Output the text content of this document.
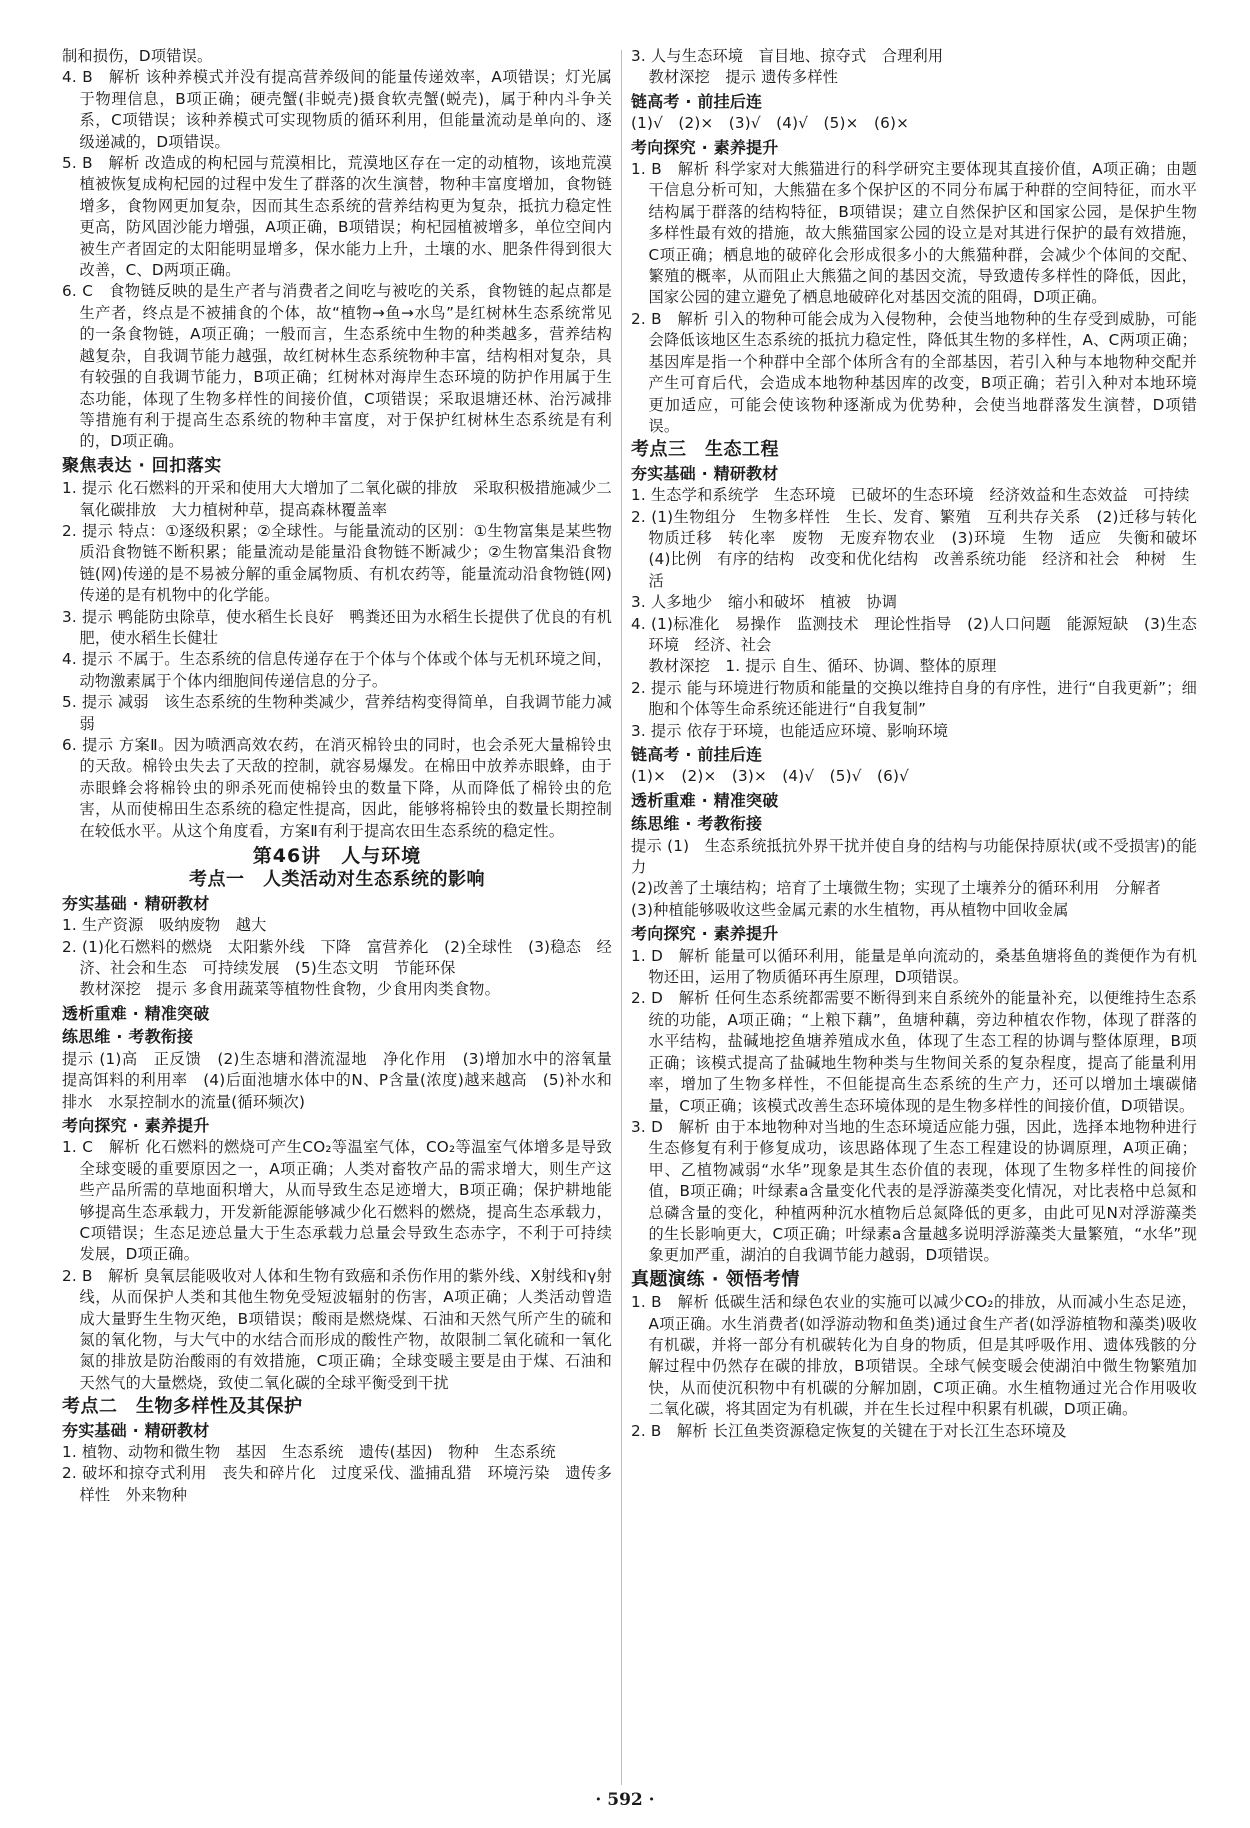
制和损伤，D项错误。

4. B　解析 该种养模式并没有提高营养级间的能量传递效率，A项错误；灯光属于物理信息，B项正确；硬壳蟹(非蜕壳)摄食软壳蟹(蜕壳)，属于种内斗争关系，C项错误；该种养模式可实现物质的循环利用，但能量流动是单向的、逐级递减的，D项错误。

5. B　解析 改造成的枸杞园与荒漠相比，荒漠地区存在一定的动植物，该地荒漠植被恢复成枸杞园的过程中发生了群落的次生演替，物种丰富度增加，食物链增多，食物网更加复杂，因而其生态系统的营养结构更为复杂，抵抗力稳定性更高，防风固沙能力增强，A项正确，B项错误；枸杞园植被增多，单位空间内被生产者固定的太阳能明显增多，保水能力上升，土壤的水、肥条件得到很大改善，C、D两项正确。

6. C　食物链反映的是生产者与消费者之间吃与被吃的关系，食物链的起点都是生产者，终点是不被捕食的个体，故“植物→鱼→水鸟”是红树林生态系统常见的一条食物链，A项正确；一般而言，生态系统中生物的种类越多，营养结构越复杂，自我调节能力越强，故红树林生态系统物种丰富，结构相对复杂，具有较强的自我调节能力，B项正确；红树林对海岸生态环境的防护作用属于生态功能，体现了生物多样性的间接价值，C项错误；采取退塘还林、治污减排等措施有利于提高生态系统的物种丰富度，对于保护红树林生态系统是有利的，D项正确。

聚焦表达 · 回扣落实

1. 提示 化石燃料的开采和使用大大增加了二氧化碳的排放　采取积极措施减少二氧化碳排放　大力植树种草，提高森林覆盖率

2. 提示 特点：①逐级积累；②全球性。与能量流动的区别：①生物富集是某些物质沿食物链不断积累；能量流动是能量沿食物链不断减少；②生物富集沿食物链(网)传递的是不易被分解的重金属物质、有机农药等，能量流动沿食物链(网)传递的是有机物中的化学能。

3. 提示 鸭能防虫除草，使水稻生长良好　鸭粪还田为水稻生长提供了优良的有机肥，使水稻生长健壮

4. 提示 不属于。生态系统的信息传递存在于个体与个体或个体与无机环境之间，动物激素属于个体内细胞间传递信息的分子。

5. 提示 减弱　该生态系统的生物种类减少，营养结构变得简单，自我调节能力减弱

6. 提示 方案Ⅱ。因为喷洒高效农药，在消灭棉铃虫的同时，也会杀死大量棉铃虫的天敌。棉铃虫失去了天敌的控制，就容易爆发。在棉田中放养赤眼蜂，由于赤眼蜂会将棉铃虫的卵杀死而使棉铃虫的数量下降，从而降低了棉铃虫的危害，从而使棉田生态系统的稳定性提高，因此，能够将棉铃虫的数量长期控制在较低水平。从这个角度看，方案Ⅱ有利于提高农田生态系统的稳定性。

第46讲　人与环境
考点一　人类活动对生态系统的影响
夯实基础 · 精研教材

1. 生产资源　吸纳废物　越大

2. (1)化石燃料的燃烧　太阳紫外线　下降　富营养化　(2)全球性　(3)稳态　经济、社会和生态　可持续发展　(5)生态文明　节能环保

教材深挖　提示 多食用蔬菜等植物性食物，少食用肉类食物。

透析重难 · 精准突破
练思维 · 考教衔接

提示 (1)高　正反馈　(2)生态塘和潜流湿地　净化作用　(3)增加水中的溶氧量　提高饵料的利用率　(4)后面池塘水体中的N、P含量(浓度)越来越高　(5)补水和排水　水泵控制水的流量(循环频次)

考向探究 · 素养提升

1. C　解析 化石燃料的燃烧可产生CO₂等温室气体，CO₂等温室气体增多是导致全球变暖的重要原因之一，A项正确；人类对畜牧产品的需求增大，则生产这些产品所需的草地面积增大，从而导致生态足迹增大，B项正确；保护耕地能够提高生态承载力，开发新能源能够减少化石燃料的燃烧，提高生态承载力，C项错误；生态足迹总量大于生态承载力总量会导致生态赤字，不利于可持续发展，D项正确。

2. B　解析 臭氧层能吸收对人体和生物有致癌和杀伤作用的紫外线、X射线和γ射线，从而保护人类和其他生物免受短波辐射的伤害，A项正确；人类活动曾造成大量野生生物灭绝，B项错误；酸雨是燃烧煤、石油和天然气所产生的硫和氮的氧化物，与大气中的水结合而形成的酸性产物，故限制二氧化硫和一氧化氮的排放是防治酸雨的有效措施，C项正确；全球变暖主要是由于煤、石油和天然气的大量燃烧，致使二氧化碳的全球平衡受到干扰

考点二　生物多样性及其保护
夯实基础 · 精研教材

1. 植物、动物和微生物　基因　生态系统　遗传(基因)　物种　生态系统

2. 破坏和掠夺式利用　丧失和碎片化　过度采伐、滥捕乱猎　环境污染　遗传多样性　外来物种

3. 人与生态环境　盲目地、掠夺式　合理利用

教材深挖　提示 遗传多样性

链高考 · 前挂后连

(1)√　(2)×　(3)√　(4)√　(5)×　(6)×

考向探究 · 素养提升

1. B　解析 科学家对大熊猫进行的科学研究主要体现其直接价值，A项正确；由题干信息分析可知，大熊猫在多个保护区的不同分布属于种群的空间特征，而水平结构属于群落的结构特征，B项错误；建立自然保护区和国家公园，是保护生物多样性最有效的措施，故大熊猫国家公园的设立是对其进行保护的最有效措施，C项正确；栖息地的破碎化会形成很多小的大熊猫种群，会减少个体间的交配、繁殖的概率，从而阻止大熊猫之间的基因交流，导致遗传多样性的降低，因此，国家公园的建立避免了栖息地破碎化对基因交流的阻碍，D项正确。

2. B　解析 引入的物种可能会成为入侵物种，会使当地物种的生存受到威胁，可能会降低该地区生态系统的抵抗力稳定性，降低其生物的多样性，A、C两项正确；基因库是指一个种群中全部个体所含有的全部基因，若引入种与本地物种交配并产生可育后代，会造成本地物种基因库的改变，B项正确；若引入种对本地环境更加适应，可能会使该物种逐渐成为优势种，会使当地群落发生演替，D项错误。

考点三　生态工程
夯实基础 · 精研教材

1. 生态学和系统学　生态环境　已破坏的生态环境　经济效益和生态效益　可持续

2. (1)生物组分　生物多样性　生长、发育、繁殖　互利共存关系　(2)迁移与转化　物质迁移　转化率　废物　无废弃物农业　(3)环境　生物　适应　失衡和破坏　(4)比例　有序的结构　改变和优化结构　改善系统功能　经济和社会　种树　生活

3. 人多地少　缩小和破坏　植被　协调

4. (1)标准化　易操作　监测技术　理论性指导　(2)人口问题　能源短缺　(3)生态环境　经济、社会

教材深挖　1. 提示 自生、循环、协调、整体的原理

2. 提示 能与环境进行物质和能量的交换以维持自身的有序性，进行“自我更新”；细胞和个体等生命系统还能进行“自我复制”

3. 提示 依存于环境，也能适应环境、影响环境

链高考 · 前挂后连

(1)×　(2)×　(3)×　(4)√　(5)√　(6)√

透析重难 · 精准突破
练思维 · 考教衔接

提示 (1)　生态系统抵抗外界干扰并使自身的结构与功能保持原状(或不受损害)的能力

(2)改善了土壤结构；培育了土壤微生物；实现了土壤养分的循环利用　分解者

(3)种植能够吸收这些金属元素的水生植物，再从植物中回收金属

考向探究 · 素养提升

1. D　解析 能量可以循环利用，能量是单向流动的，桑基鱼塘将鱼的粪便作为有机物还田，运用了物质循环再生原理，D项错误。

2. D　解析 任何生态系统都需要不断得到来自系统外的能量补充，以便维持生态系统的功能，A项正确；“上粮下藕”，鱼塘种藕，旁边种植农作物，体现了群落的水平结构，盐碱地挖鱼塘养殖成水鱼，体现了生态工程的协调与整体原理，B项正确；该模式提高了盐碱地生物种类与生物间关系的复杂程度，提高了能量利用率，增加了生物多样性，不但能提高生态系统的生产力，还可以增加土壤碳储量，C项正确；该模式改善生态环境体现的是生物多样性的间接价值，D项错误。

3. D　解析 由于本地物种对当地的生态环境适应能力强，因此，选择本地物种进行生态修复有利于修复成功，该思路体现了生态工程建设的协调原理，A项正确；甲、乙植物减弱“水华”现象是其生态价值的表现，体现了生物多样性的间接价值，B项正确；叶绿素a含量变化代表的是浮游藻类变化情况，对比表格中总氮和总磷含量的变化，种植两种沉水植物后总氮降低的更多，由此可见N对浮游藻类的生长影响更大，C项正确；叶绿素a含量越多说明浮游藻类大量繁殖，“水华”现象更加严重，湖泊的自我调节能力越弱，D项错误。

真题演练 · 领悟考情

1. B　解析 低碳生活和绿色农业的实施可以减少CO₂的排放，从而减小生态足迹，A项正确。水生消费者(如浮游动物和鱼类)通过食生产者(如浮游植物和藻类)吸收有机碳，并将一部分有机碳转化为自身的物质，但是其呼吸作用、遗体残骸的分解过程中仍然存在碳的排放，B项错误。全球气候变暖会使湖泊中微生物繁殖加快，从而使沉积物中有机碳的分解加剧，C项正确。水生植物通过光合作用吸收二氧化碳，将其固定为有机碳，并在生长过程中积累有机碳，D项正确。

2. B　解析 长江鱼类资源稳定恢复的关键在于对长江生态环境及

· 592 ·
